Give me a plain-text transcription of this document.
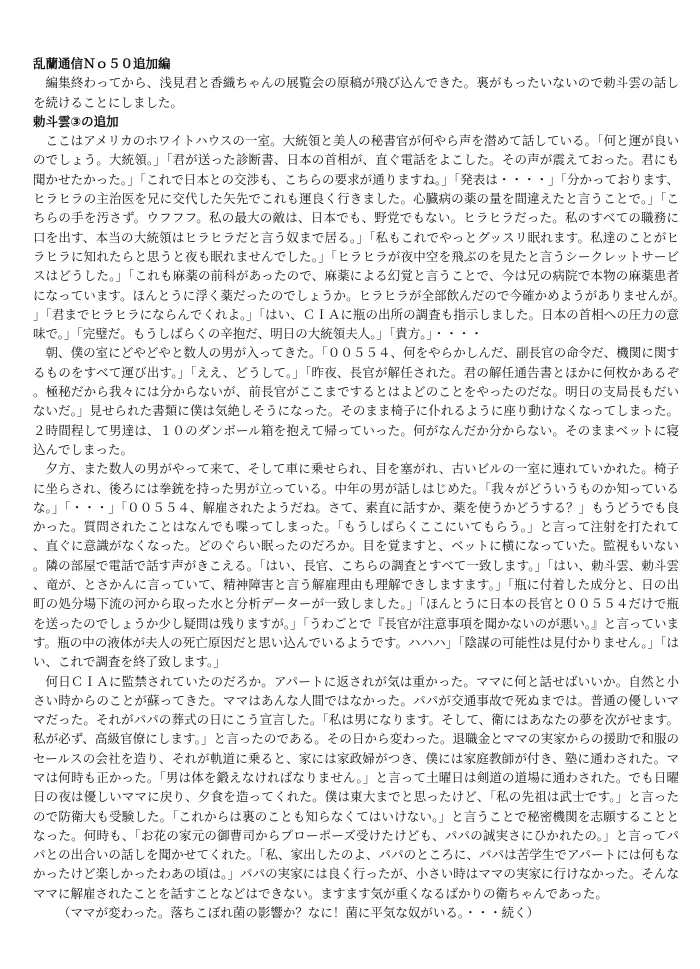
乱蘭通信Ｎｏ５０追加編

編集終わってから、浅見君と香織ちゃんの展覧会の原稿が飛び込んできた。裏がもったいないので勅斗雲の話しを続けることにしました。

勅斗雲③の追加

ここはアメリカのホワイトハウスの一室。大統領と美人の秘書官が何やら声を潜めて話している。「何と運が良いのでしょう。大統領。」「君が送った診断書、日本の首相が、直ぐ電話をよこした。その声が震えておった。君にも聞かせたかった。」「これで日本との交渉も、こちらの要求が通りますね。」「発表は・・・・」「分かっております、ヒラヒラの主治医を兄に交代した矢先でこれも運良く行きました。心臓病の薬の量を間違えたと言うことで。」「こちらの手を汚さず。ウフフフ。私の最大の敵は、日本でも、野党でもない。ヒラヒラだった。私のすべての職務に口を出す、本当の大統領はヒラヒラだと言う奴まで居る。」「私もこれでやっとグッスリ眠れます。私達のことがヒラヒラに知れたらと思うと夜も眠れませんでした。」「ヒラヒラが夜中空を飛ぶのを見たと言うシークレットサービスはどうした。」「これも麻薬の前科があったので、麻薬による幻覚と言うことで、今は兄の病院で本物の麻薬患者になっています。ほんとうに浮く薬だったのでしょうか。ヒラヒラが全部飲んだので今確かめようがありませんが。」「君までヒラヒラにならんでくれよ。」「はい、ＣＩＡに瓶の出所の調査も指示しました。日本の首相への圧力の意味で。」「完璧だ。もうしばらくの辛抱だ、明日の大統領夫人。」「貴方。」・・・・

朝、僕の室にどやどやと数人の男が入ってきた。「００５５４、何をやらかしんだ、副長官の命令だ、機関に関するものをすべて運び出す。」「ええ、どうして。」「昨夜、長官が解任された。君の解任通告書とほかに何枚かあるぞ。極秘だから我々には分からないが、前長官がここまでするとはよどのことをやったのだな。明日の支局長もだいないだ。」見せられた書類に僕は気絶しそうになった。そのまま椅子に仆れるように座り動けなくなってしまった。２時間程して男達は、１０のダンボール箱を抱えて帰っていった。何がなんだか分からない。そのままベットに寝込んでしまった。

夕方、また数人の男がやって来て、そして車に乗せられ、目を塞がれ、古いビルの一室に連れていかれた。椅子に坐らされ、後ろには拳銃を持った男が立っている。中年の男が話しはじめた。「我々がどういうものか知っているな。」「・・・」「００５５４、解雇されたようだね。さて、素直に話すか、薬を使うかどうする？」もうどうでも良かった。質問されたことはなんでも喋ってしまった。「もうしばらくここにいてもらう。」と言って注射を打たれて、直ぐに意識がなくなった。どのぐらい眠ったのだろか。目を覚ますと、ベットに横になっていた。監視もいない。隣の部屋で電話で話す声がきこえる。「はい、長官、こちらの調査とすべて一致します。」「はい、勅斗雲、勅斗雲、竜が、とさかんに言っていて、精神障害と言う解雇理由も理解できしますます。」「瓶に付着した成分と、日の出町の処分場下流の河から取った水と分析データーが一致しました。」「ほんとうに日本の長官と００５５４だけで瓶を送ったのでしょうか少し疑問は残りますが。」「うわごとで『長官が注意事項を聞かないのが悪い。』と言っています。瓶の中の液体が夫人の死亡原因だと思い込んでいるようです。ハハハ」「陰謀の可能性は見付かりません。」「はい、これで調査を終了致します。」

何日ＣＩＡに監禁されていたのだろか。アパートに返されが気は重かった。ママに何と話せばいいか。自然と小さい時からのことが蘇ってきた。ママはあんな人間ではなかった。パパが交通事故で死ぬまでは。普通の優しいママだった。それがパパの葬式の日にこう宣言した。「私は男になります。そして、衛にはあなたの夢を次がせます。私が必ず、高級官僚にします。」と言ったのである。その日から変わった。退職金とママの実家からの援助で和服のセールスの会社を造り、それが軌道に乗ると、家には家政婦がつき、僕には家庭教師が付き、塾に通わされた。ママは何時も正かった。「男は体を鍛えなければなりません。」と言って土曜日は剣道の道場に通わされた。でも日曜日の夜は優しいママに戻り、夕食を造ってくれた。僕は東大までと思ったけど、「私の先祖は武士です。」と言ったので防衛大も受験した。「これからは裏のことも知らなくてはいけない。」と言うことで秘密機関を志願することとなった。何時も、「お花の家元の御曹司からプローポーズ受けたけども、パパの誠実さにひかれたの。」と言ってパパとの出合いの話しを聞かせてくれた。「私、家出したのよ、パパのところに、パパは苦学生でアパートには何もなかったけど楽しかったわあの頃は。」パパの実家には良く行ったが、小さい時はママの実家に行けなかった。そんなママに解雇されたことを話すことなどはできない。ますます気が重くなるばかりの衛ちゃんであった。

（ママが変わった。落ちこぼれ菌の影響か？なに！菌に平気な奴がいる。・・・続く）
